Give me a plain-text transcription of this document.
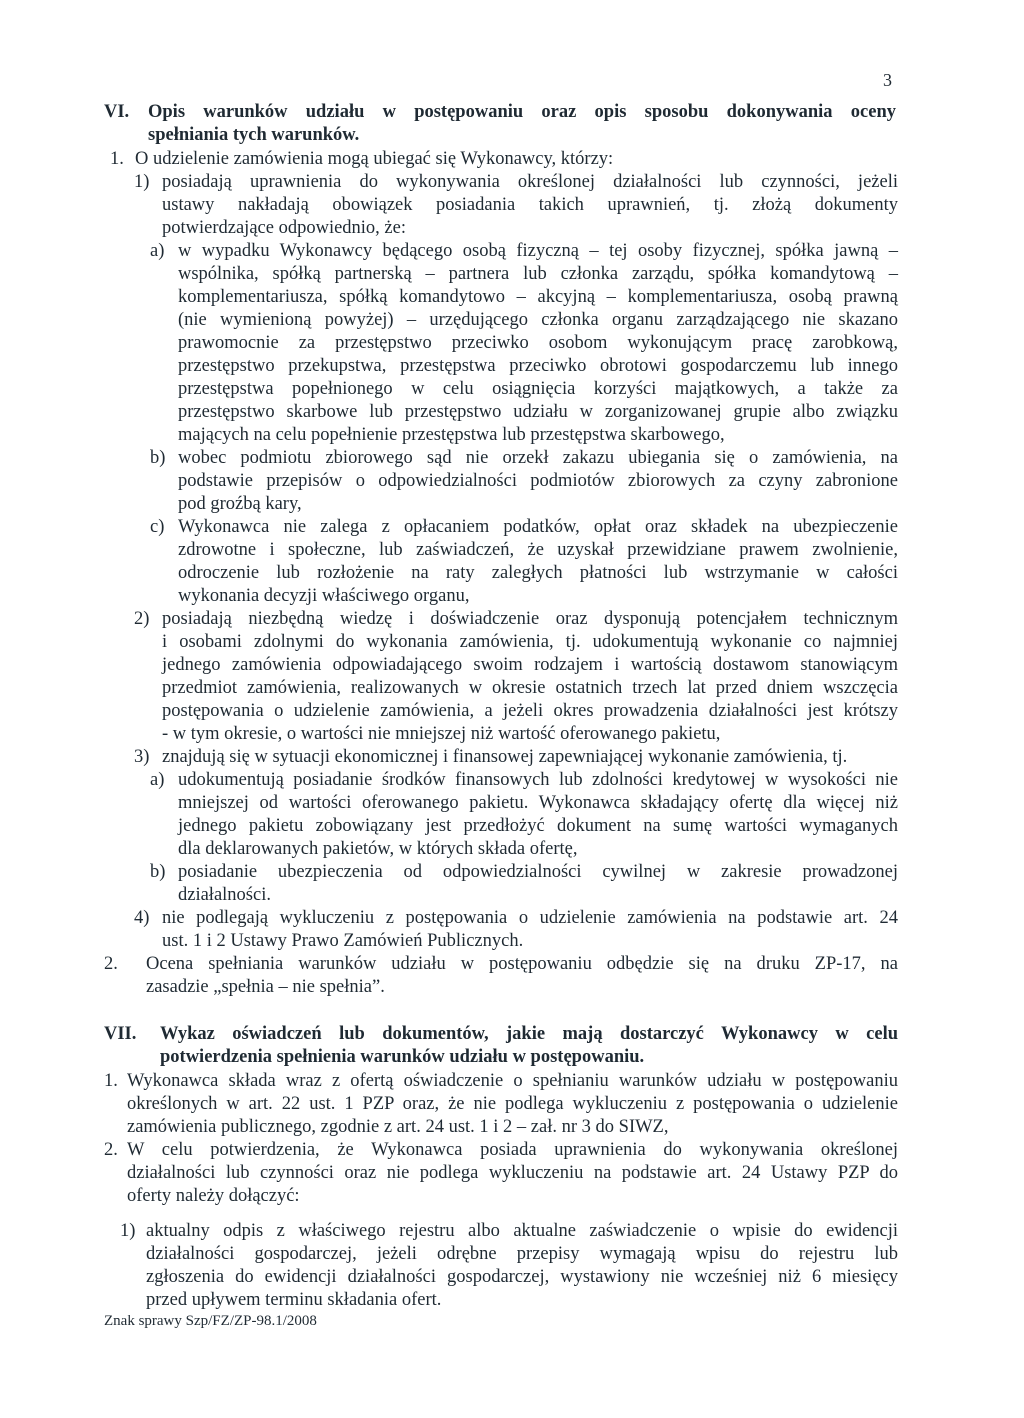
3
VI. Opis warunków udziału w postępowaniu oraz opis sposobu dokonywania oceny
spełniania tych warunków.
1. O udzielenie zamówienia mogą ubiegać się Wykonawcy, którzy:
1) posiadają uprawnienia do wykonywania określonej działalności lub czynności, jeżeli
ustawy nakładają obowiązek posiadania takich uprawnień, tj. złożą dokumenty
potwierdzające odpowiednio, że:
a) w wypadku Wykonawcy będącego osobą fizyczną – tej osoby fizycznej, spółka jawną –
wspólnika, spółką partnerską – partnera lub członka zarządu, spółka komandytową –
komplementariusza, spółką komandytowo – akcyjną – komplementariusza, osobą prawną
(nie wymienioną powyżej) – urzędującego członka organu zarządzającego nie skazano
prawomocnie za przestępstwo przeciwko osobom wykonującym pracę zarobkową,
przestępstwo przekupstwa, przestępstwa przeciwko obrotowi gospodarczemu lub innego
przestępstwa popełnionego w celu osiągnięcia korzyści majątkowych, a także za
przestępstwo skarbowe lub przestępstwo udziału w zorganizowanej grupie albo związku
mających na celu popełnienie przestępstwa lub przestępstwa skarbowego,
b) wobec podmiotu zbiorowego sąd nie orzekł zakazu ubiegania się o zamówienia, na
podstawie przepisów o odpowiedzialności podmiotów zbiorowych za czyny zabronione
pod groźbą kary,
c) Wykonawca nie zalega z opłacaniem podatków, opłat oraz składek na ubezpieczenie
zdrowotne i społeczne, lub zaświadczeń, że uzyskał przewidziane prawem zwolnienie,
odroczenie lub rozłożenie na raty zaległych płatności lub wstrzymanie w całości
wykonania decyzji właściwego organu,
2) posiadają niezbędną wiedzę i doświadczenie oraz dysponują potencjałem technicznym
i osobami zdolnymi do wykonania zamówienia, tj. udokumentują wykonanie co najmniej
jednego zamówienia odpowiadającego swoim rodzajem i wartością dostawom stanowiącym
przedmiot zamówienia, realizowanych w okresie ostatnich trzech lat przed dniem wszczęcia
postępowania o udzielenie zamówienia, a jeżeli okres prowadzenia działalności jest krótszy
- w tym okresie, o wartości nie mniejszej niż wartość oferowanego pakietu,
3) znajdują się w sytuacji ekonomicznej i finansowej zapewniającej wykonanie zamówienia, tj.
a) udokumentują posiadanie środków finansowych lub zdolności kredytowej w wysokości nie
mniejszej od wartości oferowanego pakietu. Wykonawca składający ofertę dla więcej niż
jednego pakietu zobowiązany jest przedłożyć dokument na sumę wartości wymaganych
dla deklarowanych pakietów, w których składa ofertę,
b) posiadanie ubezpieczenia od odpowiedzialności cywilnej w zakresie prowadzonej
działalności.
4) nie podlegają wykluczeniu z postępowania o udzielenie zamówienia na podstawie art. 24
ust. 1 i 2 Ustawy Prawo Zamówień Publicznych.
2. Ocena spełniania warunków udziału w postępowaniu odbędzie się na druku ZP-17, na
zasadzie „spełnia – nie spełnia”.
VII. Wykaz oświadczeń lub dokumentów, jakie mają dostarczyć Wykonawcy w celu
potwierdzenia spełnienia warunków udziału w postępowaniu.
1. Wykonawca składa wraz z ofertą oświadczenie o spełnianiu warunków udziału w postępowaniu
określonych w art. 22 ust. 1 PZP oraz, że nie podlega wykluczeniu z postępowania o udzielenie
zamówienia publicznego, zgodnie z art. 24 ust. 1 i 2 – zał. nr 3 do SIWZ,
2. W celu potwierdzenia, że Wykonawca posiada uprawnienia do wykonywania określonej
działalności lub czynności oraz nie podlega wykluczeniu na podstawie art. 24 Ustawy PZP do
oferty należy dołączyć:
1) aktualny odpis z właściwego rejestru albo aktualne zaświadczenie o wpisie do ewidencji
działalności gospodarczej, jeżeli odrębne przepisy wymagają wpisu do rejestru lub
zgłoszenia do ewidencji działalności gospodarczej, wystawiony nie wcześniej niż 6 miesięcy
przed upływem terminu składania ofert.
Znak sprawy Szp/FZ/ZP-98.1/2008
